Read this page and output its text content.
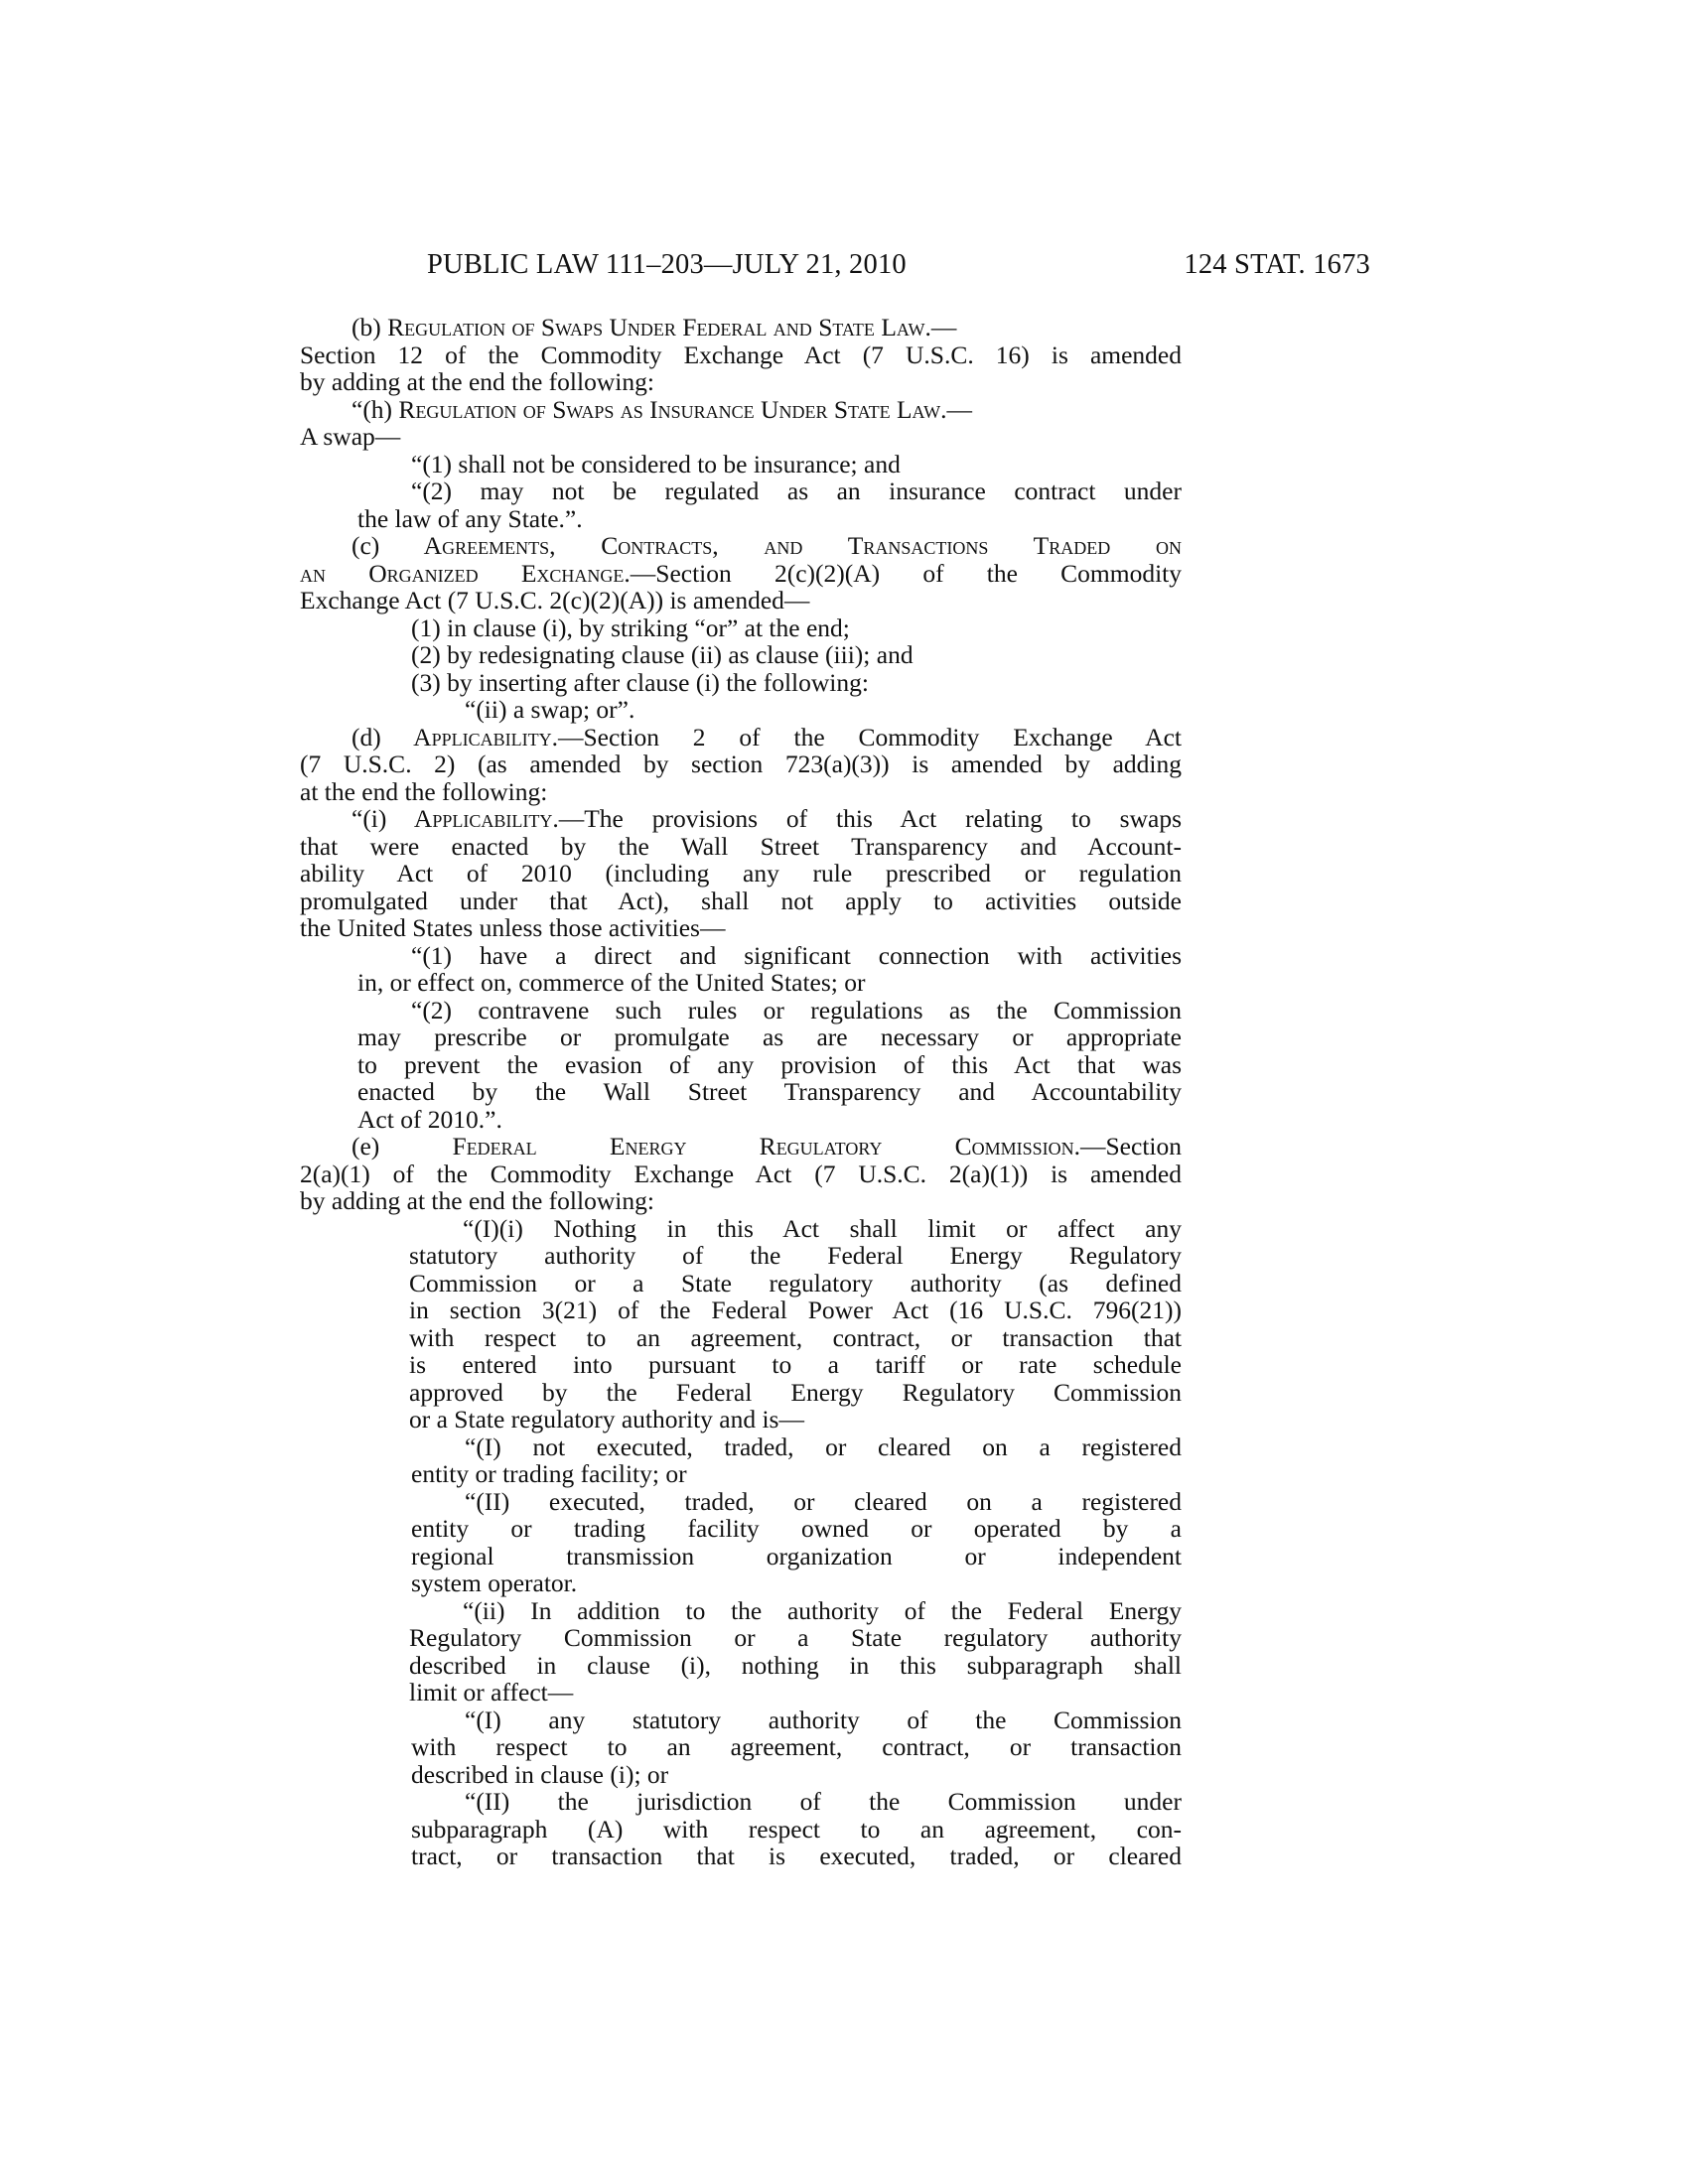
PUBLIC LAW 111–203—JULY 21, 2010	124 STAT. 1673
(b) Regulation of Swaps Under Federal and State Law.—
Section 12 of the Commodity Exchange Act (7 U.S.C. 16) is amended
by adding at the end the following:
“(h) Regulation of Swaps as Insurance Under State Law.—
A swap—
“(1) shall not be considered to be insurance; and
“(2) may not be regulated as an insurance contract under
the law of any State.”.
(c) Agreements, Contracts, and Transactions Traded on
an Organized Exchange.—Section 2(c)(2)(A) of the Commodity
Exchange Act (7 U.S.C. 2(c)(2)(A)) is amended—
(1) in clause (i), by striking “or” at the end;
(2) by redesignating clause (ii) as clause (iii); and
(3) by inserting after clause (i) the following:
“(ii) a swap; or”.
(d) Applicability.—Section 2 of the Commodity Exchange Act
(7 U.S.C. 2) (as amended by section 723(a)(3)) is amended by adding
at the end the following:
“(i) Applicability.—The provisions of this Act relating to swaps
that were enacted by the Wall Street Transparency and Account-
ability Act of 2010 (including any rule prescribed or regulation
promulgated under that Act), shall not apply to activities outside
the United States unless those activities—
“(1) have a direct and significant connection with activities
in, or effect on, commerce of the United States; or
“(2) contravene such rules or regulations as the Commission
may prescribe or promulgate as are necessary or appropriate
to prevent the evasion of any provision of this Act that was
enacted by the Wall Street Transparency and Accountability
Act of 2010.”.
(e) Federal Energy Regulatory Commission.—Section
2(a)(1) of the Commodity Exchange Act (7 U.S.C. 2(a)(1)) is amended
by adding at the end the following:
“(I)(i) Nothing in this Act shall limit or affect any
statutory authority of the Federal Energy Regulatory
Commission or a State regulatory authority (as defined
in section 3(21) of the Federal Power Act (16 U.S.C. 796(21))
with respect to an agreement, contract, or transaction that
is entered into pursuant to a tariff or rate schedule
approved by the Federal Energy Regulatory Commission
or a State regulatory authority and is—
“(I) not executed, traded, or cleared on a registered
entity or trading facility; or
“(II) executed, traded, or cleared on a registered
entity or trading facility owned or operated by a
regional transmission organization or independent
system operator.
“(ii) In addition to the authority of the Federal Energy
Regulatory Commission or a State regulatory authority
described in clause (i), nothing in this subparagraph shall
limit or affect—
“(I) any statutory authority of the Commission
with respect to an agreement, contract, or transaction
described in clause (i); or
“(II) the jurisdiction of the Commission under
subparagraph (A) with respect to an agreement, con-
tract, or transaction that is executed, traded, or cleared
